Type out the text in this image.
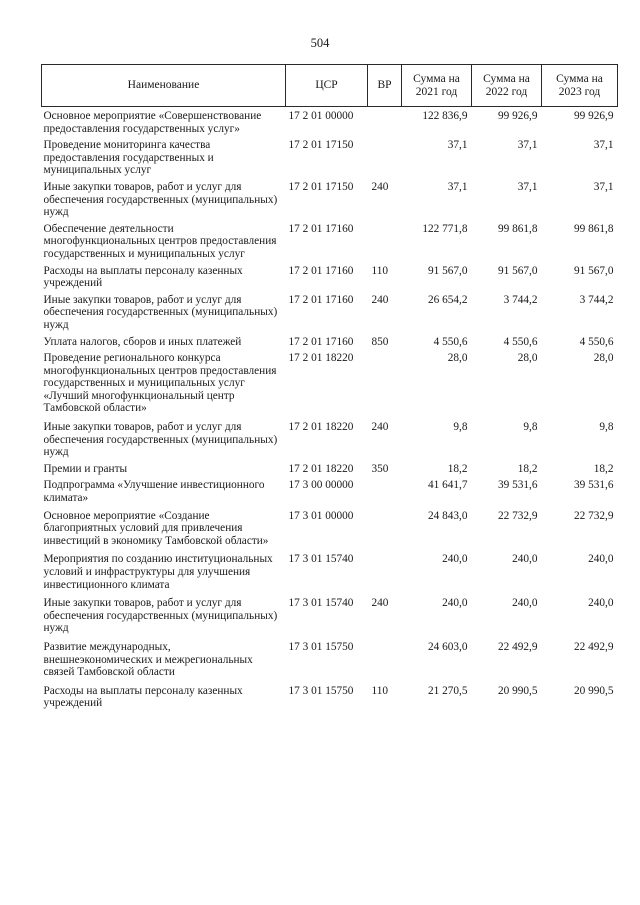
504
Наименование	ЦСР	ВР	Сумма на 2021 год	Сумма на 2022 год	Сумма на 2023 год
Основное мероприятие «Совершенствование предоставления государственных услуг»	17 2 01 00000		122 836,9	99 926,9	99 926,9
Проведение мониторинга качества предоставления государственных и муниципальных услуг	17 2 01 17150		37,1	37,1	37,1
Иные закупки товаров, работ и услуг для обеспечения государственных (муниципальных) нужд	17 2 01 17150	240	37,1	37,1	37,1
Обеспечение деятельности многофункциональных центров предоставления государственных и муниципальных услуг	17 2 01 17160		122 771,8	99 861,8	99 861,8
Расходы на выплаты персоналу казенных учреждений	17 2 01 17160	110	91 567,0	91 567,0	91 567,0
Иные закупки товаров, работ и услуг для обеспечения государственных (муниципальных) нужд	17 2 01 17160	240	26 654,2	3 744,2	3 744,2
Уплата налогов, сборов и иных платежей	17 2 01 17160	850	4 550,6	4 550,6	4 550,6
Проведение регионального конкурса многофункциональных центров предоставления государственных и муниципальных услуг «Лучший многофункциональный центр Тамбовской области»	17 2 01 18220		28,0	28,0	28,0
Иные закупки товаров, работ и услуг для обеспечения государственных (муниципальных) нужд	17 2 01 18220	240	9,8	9,8	9,8
Премии и гранты	17 2 01 18220	350	18,2	18,2	18,2
Подпрограмма «Улучшение инвестиционного климата»	17 3 00 00000		41 641,7	39 531,6	39 531,6
Основное мероприятие «Создание благоприятных условий для привлечения инвестиций в экономику Тамбовской области»	17 3 01 00000		24 843,0	22 732,9	22 732,9
Мероприятия по созданию институциональных условий и инфраструктуры для улучшения инвестиционного климата	17 3 01 15740		240,0	240,0	240,0
Иные закупки товаров, работ и услуг для обеспечения государственных (муниципальных) нужд	17 3 01 15740	240	240,0	240,0	240,0
Развитие международных, внешнеэкономических и межрегиональных связей Тамбовской области	17 3 01 15750		24 603,0	22 492,9	22 492,9
Расходы на выплаты персоналу казенных учреждений	17 3 01 15750	110	21 270,5	20 990,5	20 990,5
